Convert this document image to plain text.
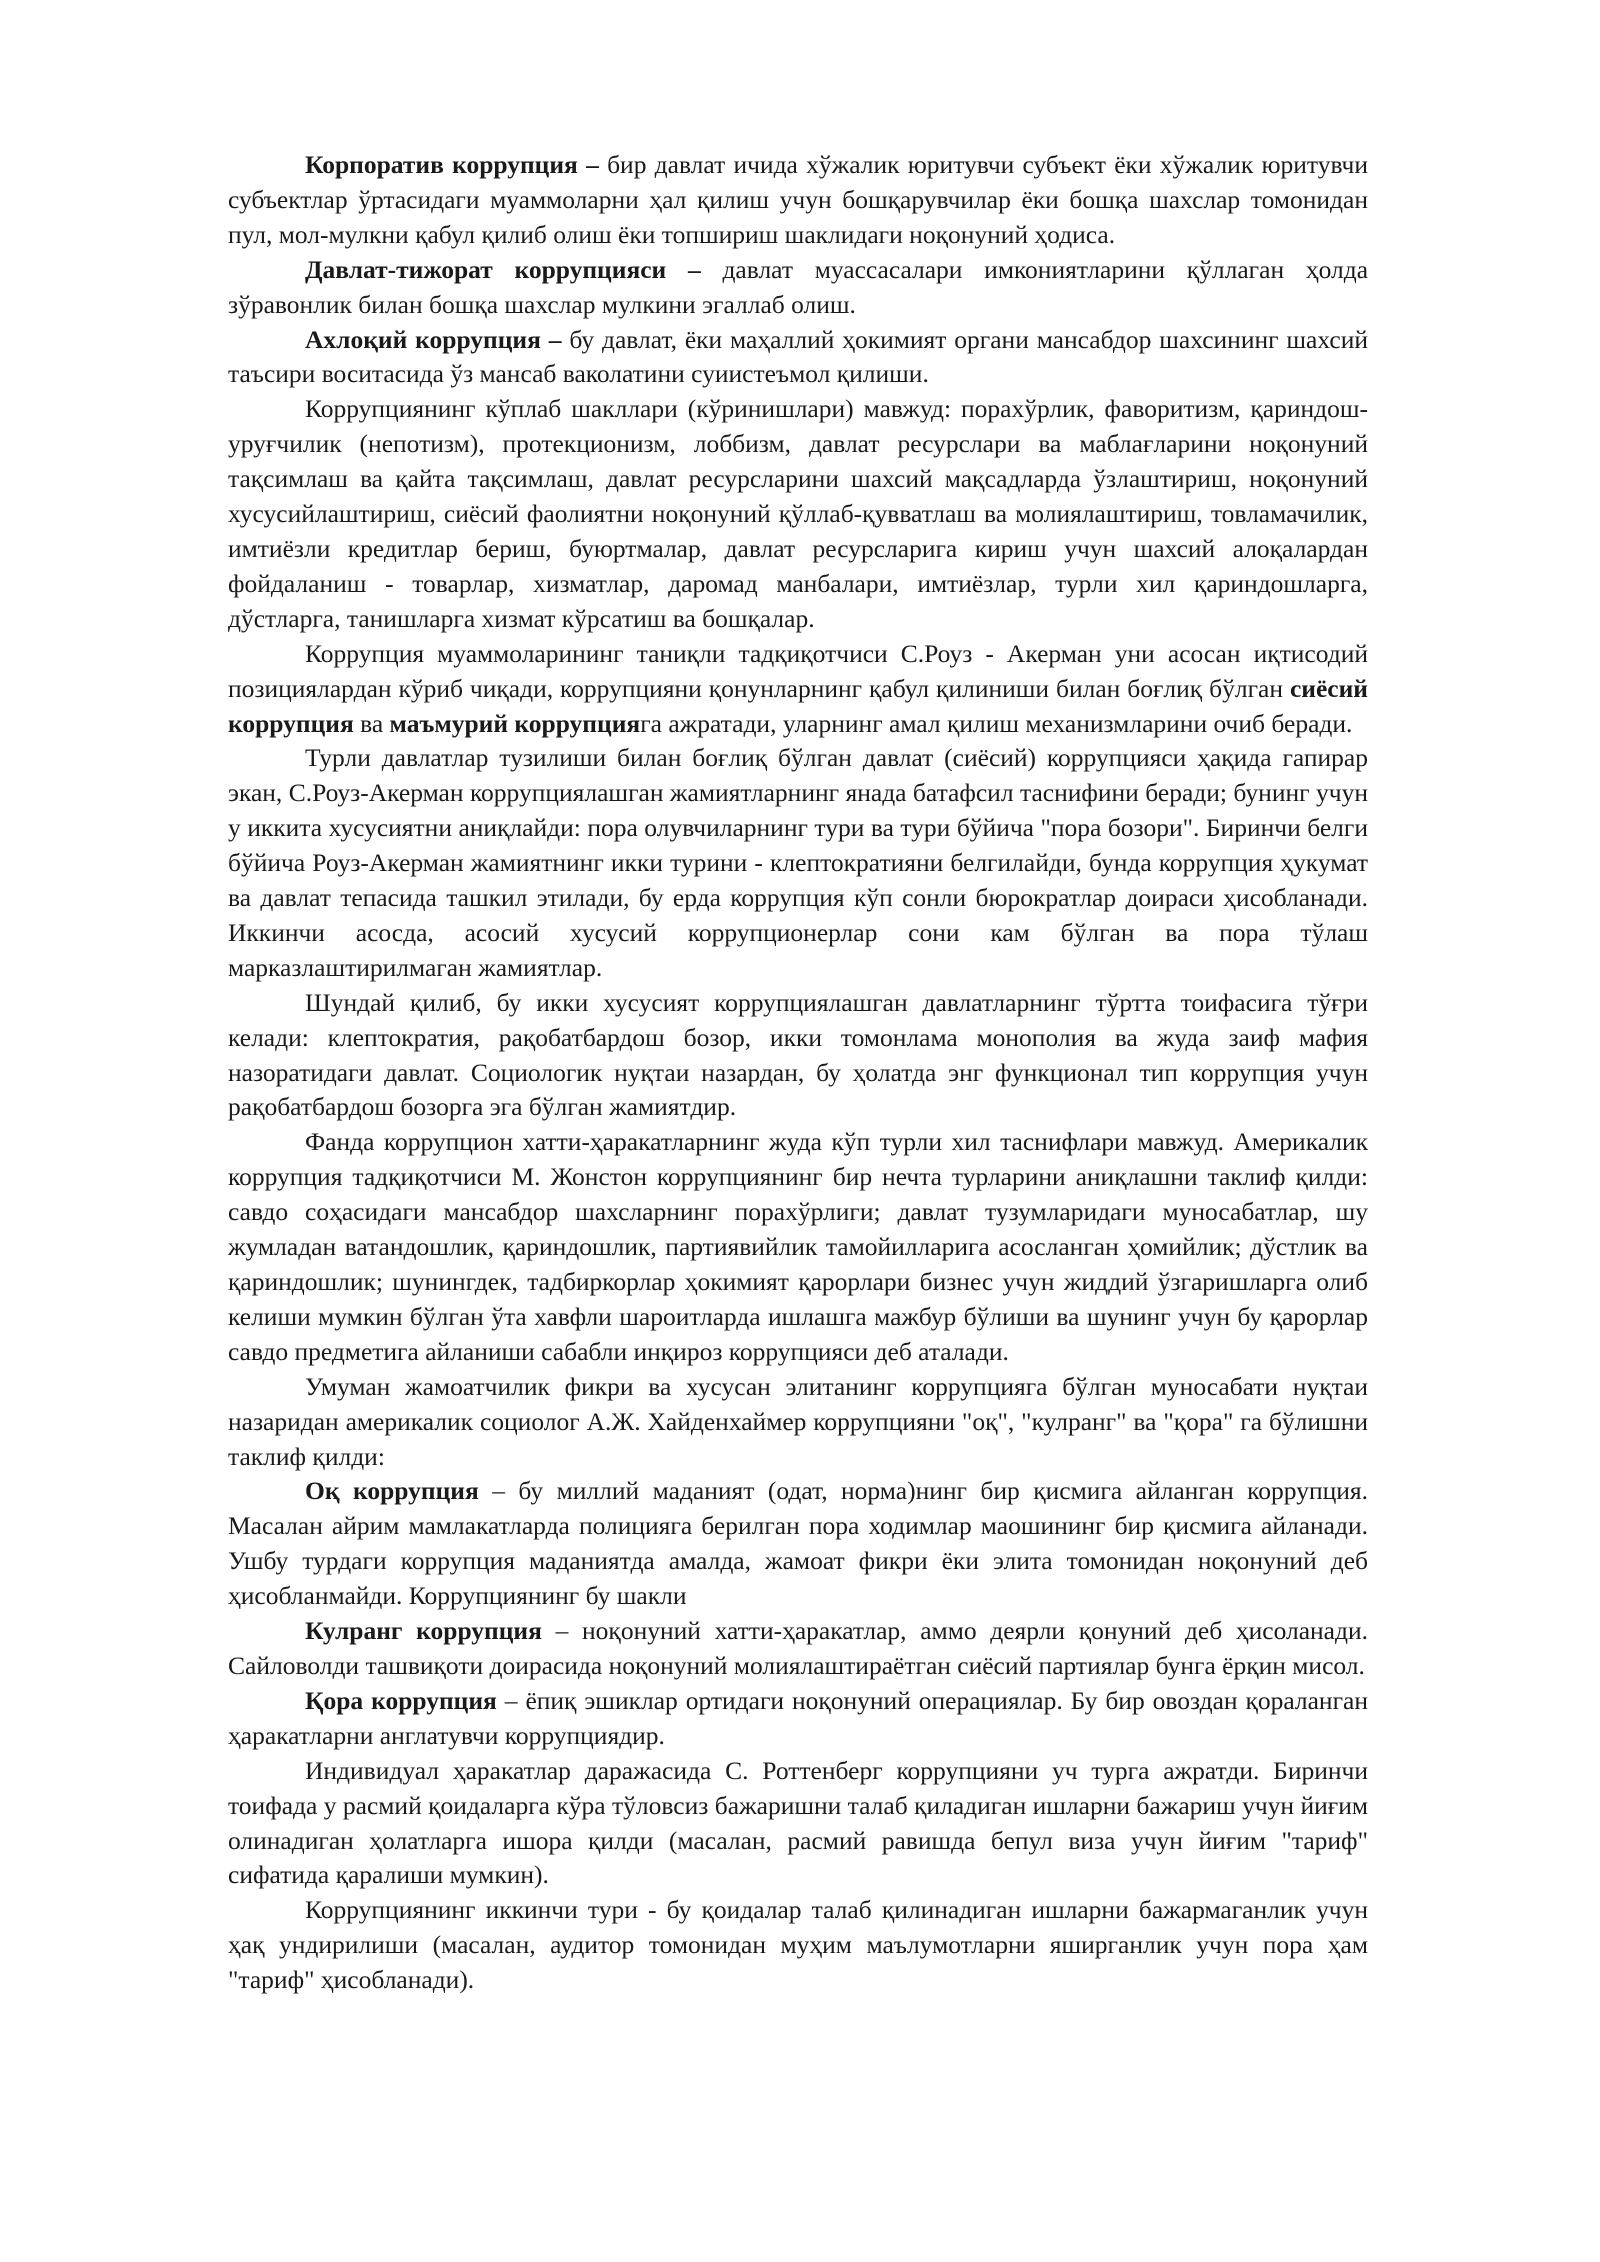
Корпоратив коррупция – бир давлат ичида хўжалик юритувчи субъект ёки хўжалик юритувчи субъектлар ўртасидаги муаммоларни ҳал қилиш учун бошқарувчилар ёки бошқа шахслар томонидан пул, мол-мулкни қабул қилиб олиш ёки топшириш шаклидаги ноқонуний ҳодиса.

Давлат-тижорат коррупцияси – давлат муассасалари имкониятларини қўллаган ҳолда зўравонлик билан бошқа шахслар мулкини эгаллаб олиш.

Ахлоқий коррупция – бу давлат, ёки маҳаллий ҳокимият органи мансабдор шахсининг шахсий таъсири воситасида ўз мансаб ваколатини суиистеъмол қилиши.

Коррупциянинг кўплаб шакллари (кўринишлари) мавжуд: порахўрлик, фаворитизм, қариндош-уруғчилик (непотизм), протекционизм, лоббизм, давлат ресурслари ва маблағларини ноқонуний тақсимлаш ва қайта тақсимлаш, давлат ресурсларини шахсий мақсадларда ўзлаштириш, ноқонуний хусусийлаштириш, сиёсий фаолиятни ноқонуний қўллаб-қувватлаш ва молиялаштириш, товламачилик, имтиёзли кредитлар бериш, буюртмалар, давлат ресурсларига кириш учун шахсий алоқалардан фойдаланиш - товарлар, хизматлар, даромад манбалари, имтиёзлар, турли хил қариндошларга, дўстларга, танишларга хизмат кўрсатиш ва бошқалар.

Коррупция муаммоларининг таниқли тадқиқотчиси С.Роуз - Акерман уни асосан иқтисодий позициялардан кўриб чиқади, коррупцияни қонунларнинг қабул қилиниши билан боғлиқ бўлган сиёсий коррупция ва маъмурий коррупцияга ажратади, уларнинг амал қилиш механизмларини очиб беради.

Турли давлатлар тузилиши билан боғлиқ бўлган давлат (сиёсий) коррупцияси ҳақида гапирар экан, С.Роуз-Акерман коррупциялашган жамиятларнинг янада батафсил таснифини беради; бунинг учун у иккита хусусиятни аниқлайди: пора олувчиларнинг тури ва тури бўйича "пора бозори". Биринчи белги бўйича Роуз-Акерман жамиятнинг икки турини - клептократияни белгилайди, бунда коррупция ҳукумат ва давлат тепасида ташкил этилади, бу ерда коррупция кўп сонли бюрократлар доираси ҳисобланади. Иккинчи асосда, асосий хусусий коррупционерлар сони кам бўлган ва пора тўлаш марказлаштирилмаган жамиятлар.

Шундай қилиб, бу икки хусусият коррупциялашган давлатларнинг тўртта тоифасига тўғри келади: клептократия, рақобатбардош бозор, икки томонлама монополия ва жуда заиф мафия назоратидаги давлат. Социологик нуқтаи назардан, бу ҳолатда энг функционал тип коррупция учун рақобатбардош бозорга эга бўлган жамиятдир.

Фанда коррупцион хатти-ҳаракатларнинг жуда кўп турли хил таснифлари мавжуд. Америкалик коррупция тадқиқотчиси М. Жонстон коррупциянинг бир нечта турларини аниқлашни таклиф қилди: савдо соҳасидаги мансабдор шахсларнинг порахўрлиги; давлат тузумларидаги муносабатлар, шу жумладан ватандошлик, қариндошлик, партиявийлик тамойилларига асосланган ҳомийлик; дўстлик ва қариндошлик; шунингдек, тадбиркорлар ҳокимият қарорлари бизнес учун жиддий ўзгаришларга олиб келиши мумкин бўлган ўта хавфли шароитларда ишлашга мажбур бўлиши ва шунинг учун бу қарорлар савдо предметига айланиши сабабли инқироз коррупцияси деб аталади.

Умуман жамоатчилик фикри ва хусусан элитанинг коррупцияга бўлган муносабати нуқтаи назаридан америкалик социолог А.Ж. Хайденхаймер коррупцияни "оқ", "кулранг" ва "қора" га бўлишни таклиф қилди:

Оқ коррупция – бу миллий маданият (одат, норма)нинг бир қисмига айланган коррупция. Масалан айрим мамлакатларда полицияга берилган пора ходимлар маошининг бир қисмига айланади. Ушбу турдаги коррупция маданиятда амалда, жамоат фикри ёки элита томонидан ноқонуний деб ҳисобланмайди. Коррупциянинг бу шакли

Кулранг коррупция – ноқонуний хатти-ҳаракатлар, аммо деярли қонуний деб ҳисоланади. Сайловолди ташвиқоти доирасида ноқонуний молиялаштираётган сиёсий партиялар бунга ёрқин мисол.

Қора коррупция – ёпиқ эшиклар ортидаги ноқонуний операциялар. Бу бир овоздан қораланган ҳаракатларни англатувчи коррупциядир.

Индивидуал ҳаракатлар даражасида С. Роттенберг коррупцияни уч турга ажратди. Биринчи тоифада у расмий қоидаларга кўра тўловсиз бажаришни талаб қиладиган ишларни бажариш учун йиғим олинадиган ҳолатларга ишора қилди (масалан, расмий равишда бепул виза учун йиғим "тариф" сифатида қаралиши мумкин).

Коррупциянинг иккинчи тури - бу қоидалар талаб қилинадиган ишларни бажармаганлик учун ҳақ ундирилиши (масалан, аудитор томонидан муҳим маълумотларни яширганлик учун пора ҳам "тариф" ҳисобланади).
